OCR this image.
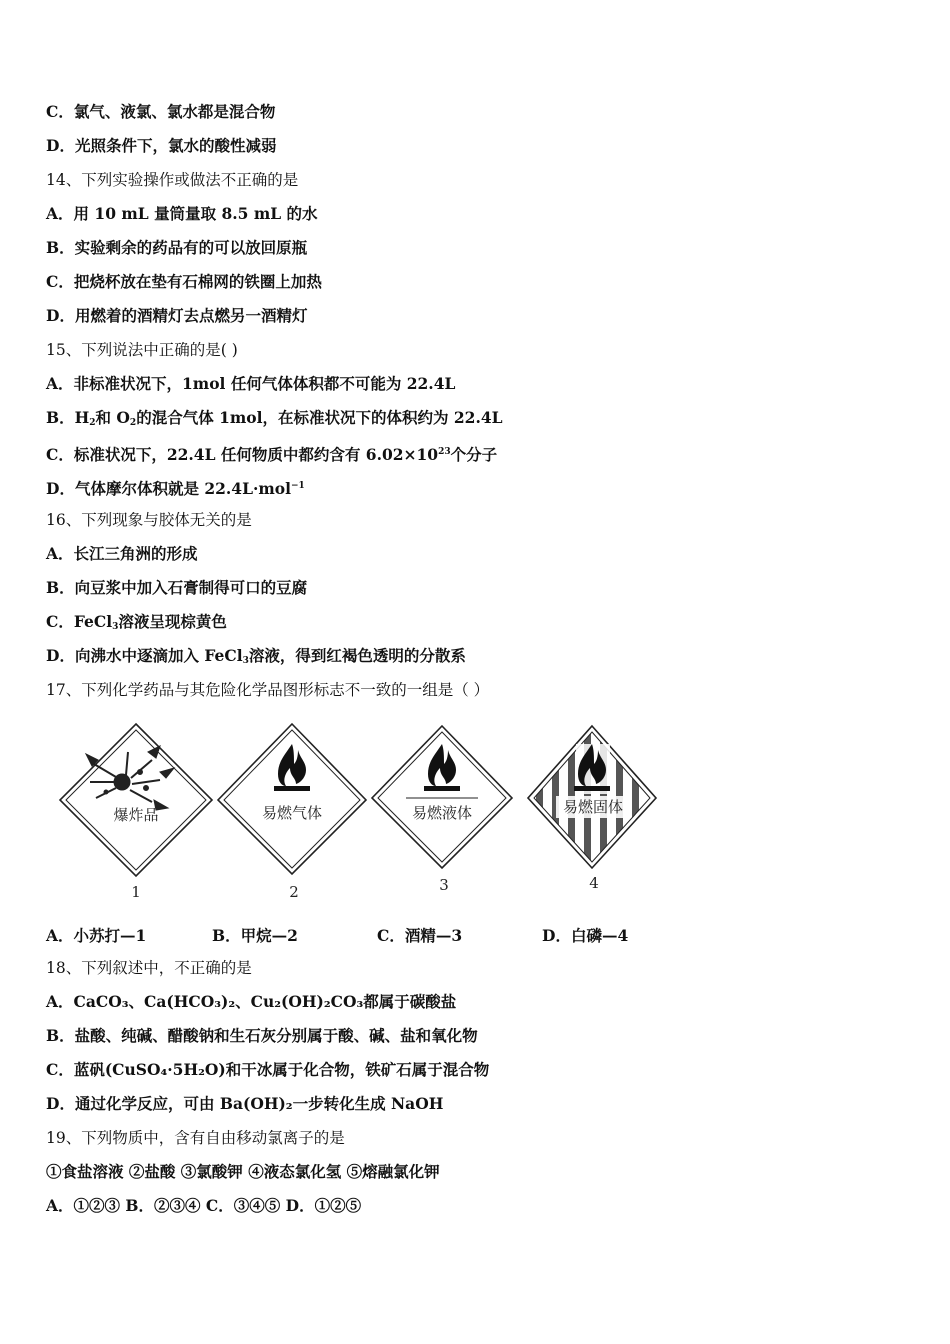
C．氯气、液氯、氯水都是混合物
D．光照条件下，氯水的酸性减弱
14、下列实验操作或做法不正确的是
A．用 10 mL 量筒量取 8.5 mL 的水
B．实验剩余的药品有的可以放回原瓶
C．把烧杯放在垫有石棉网的铁圈上加热
D．用燃着的酒精灯去点燃另一酒精灯
15、下列说法中正确的是( )
A．非标准状况下，1mol 任何气体体积都不可能为 22.4L
B．$H_2$和 $O_2$的混合气体 1mol，在标准状况下的体积约为 22.4L
C．标准状况下，22.4L 任何物质中都约含有 $6.02\times 10^{23}$个分子
D．气体摩尔体积就是 22.4L·mol$^{-1}$
16、下列现象与胶体无关的是
A．长江三角洲的形成
B．向豆浆中加入石膏制得可口的豆腐
C．FeCl$_3$溶液呈现棕黄色
D．向沸水中逐滴加入 FeCl$_3$溶液，得到红褐色透明的分散系
17、下列化学药品与其危险化学品图形标志不一致的一组是（ ）
爆炸品
1
易燃气体
2
易燃液体
3
易燃固体
4
A．小苏打—1	B．甲烷—2	C．酒精—3	D．白磷—4
18、下列叙述中，不正确的是
A．CaCO₃、Ca(HCO₃)₂、Cu₂(OH)₂CO₃都属于碳酸盐
B．盐酸、纯碱、醋酸钠和生石灰分别属于酸、碱、盐和氧化物
C．蓝矾(CuSO₄·5H₂O)和干冰属于化合物，铁矿石属于混合物
D．通过化学反应，可由 Ba(OH)₂一步转化生成 NaOH
19、下列物质中，含有自由移动氯离子的是
①食盐溶液 ②盐酸 ③氯酸钾 ④液态氯化氢 ⑤熔融氯化钾
A．①②③ B．②③④ C．③④⑤ D．①②⑤
